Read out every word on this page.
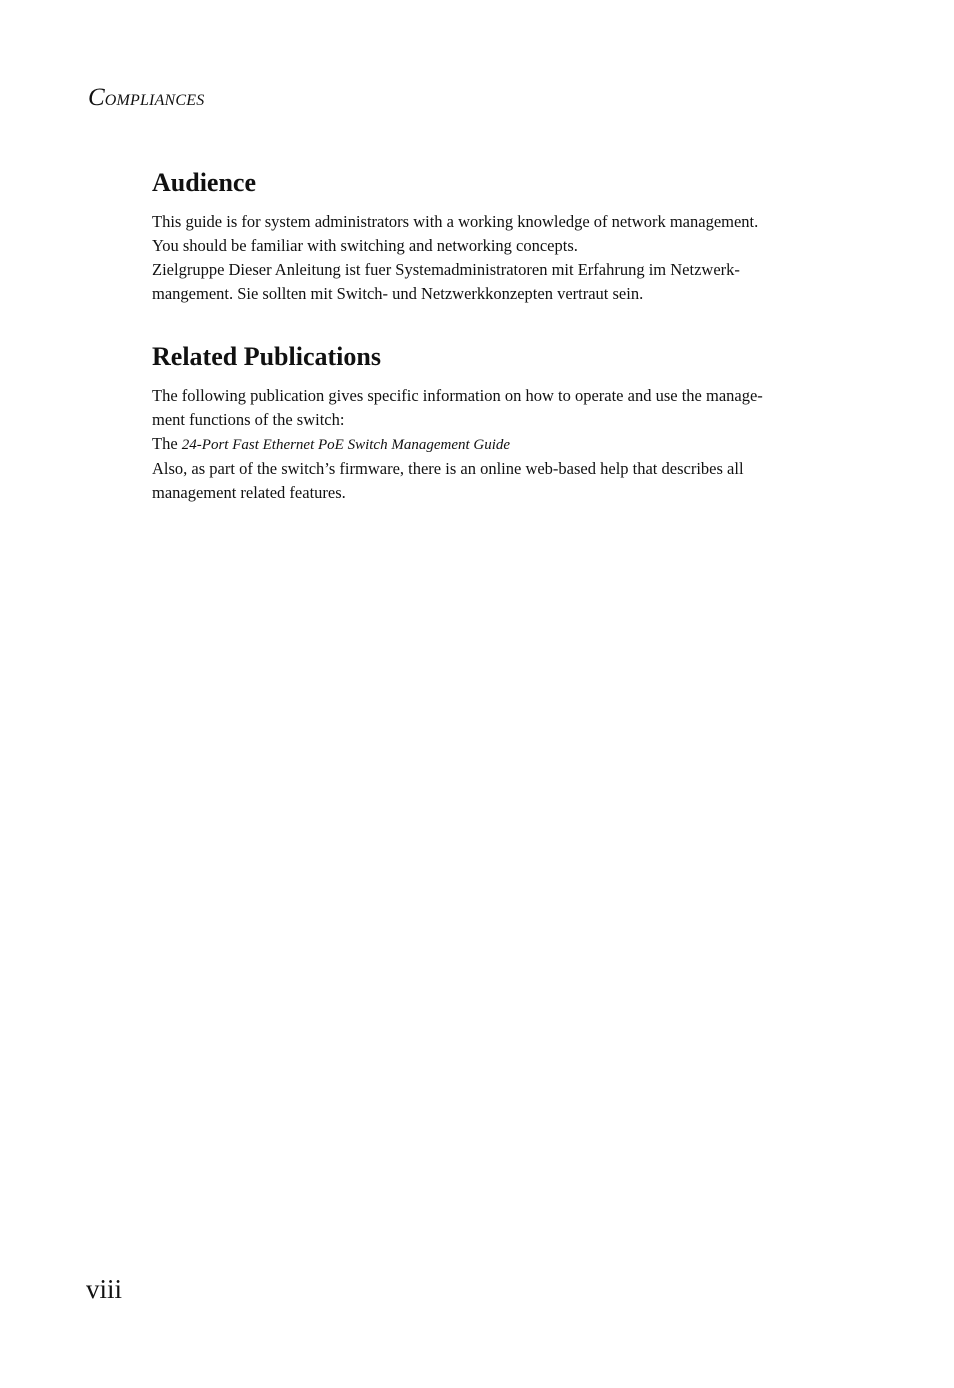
COMPLIANCES
Audience

This guide is for system administrators with a working knowledge of network management.

You should be familiar with switching and networking concepts.

Zielgruppe Dieser Anleitung ist fuer Systemadministratoren mit Erfahrung im Netzwerk-

mangement. Sie sollten mit Switch- und Netzwerkkonzepten vertraut sein.

Related Publications

The following publication gives specific information on how to operate and use the manage-

ment functions of the switch:

The 24-Port Fast Ethernet PoE Switch Management Guide

Also, as part of the switch’s firmware, there is an online web-based help that describes all

management related features.

viii
